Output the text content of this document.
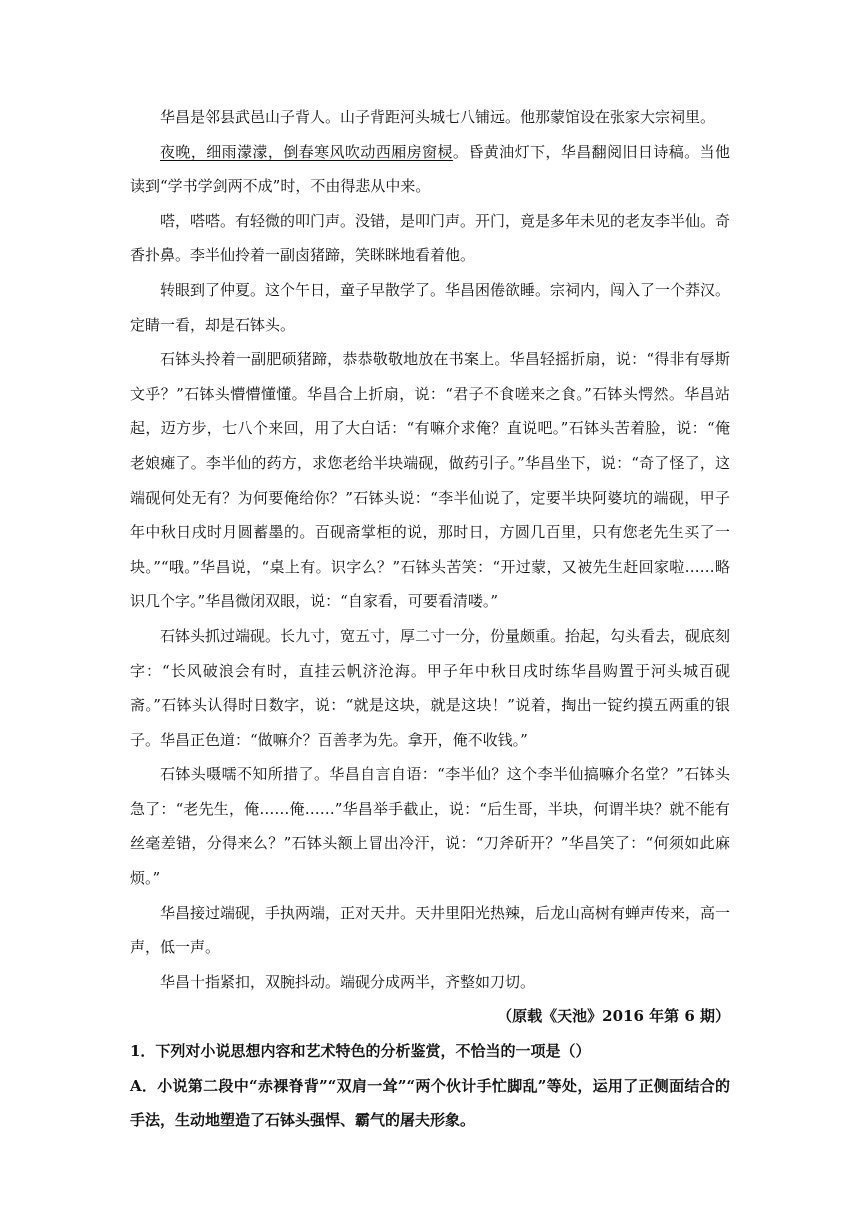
华昌是邻县武邑山子背人。山子背距河头城七八铺远。他那蒙馆设在张家大宗祠里。

夜晚，细雨濛濛，倒春寒风吹动西厢房窗棂。昏黄油灯下，华昌翻阅旧日诗稿。当他读到“学书学剑两不成”时，不由得悲从中来。

嗒，嗒嗒。有轻微的叩门声。没错，是叩门声。开门，竟是多年未见的老友李半仙。奇香扑鼻。李半仙拎着一副卤猪蹄，笑眯眯地看着他。

转眼到了仲夏。这个午日，童子早散学了。华昌困倦欲睡。宗祠内，闯入了一个莽汉。定睛一看，却是石钵头。

石钵头拎着一副肥硕猪蹄，恭恭敬敬地放在书案上。华昌轻摇折扇，说：“得非有辱斯文乎？”石钵头懵懵懂懂。华昌合上折扇，说：“君子不食嗟来之食。”石钵头愕然。华昌站起，迈方步，七八个来回，用了大白话：“有嘛介求俺？直说吧。”石钵头苦着脸，说：“俺老娘瘫了。李半仙的药方，求您老给半块端砚，做药引子。”华昌坐下，说：“奇了怪了，这端砚何处无有？为何要俺给你？”石钵头说：“李半仙说了，定要半块阿婆坑的端砚，甲子年中秋日戌时月圆蓄墨的。百砚斋掌柜的说，那时日，方圆几百里，只有您老先生买了一块。”“哦。”华昌说，“桌上有。识字么？”石钵头苦笑：“开过蒙，又被先生赶回家啦……略识几个字。”华昌微闭双眼，说：“自家看，可要看清喽。”

石钵头抓过端砚。长九寸，宽五寸，厚二寸一分，份量颇重。抬起，勾头看去，砚底刻字：“长风破浪会有时，直挂云帆济沧海。甲子年中秋日戌时练华昌购置于河头城百砚斋。”石钵头认得时日数字，说：“就是这块，就是这块！”说着，掏出一锭约摸五两重的银子。华昌正色道：“做嘛介？百善孝为先。拿开，俺不收钱。”

石钵头嗫嚅不知所措了。华昌自言自语：“李半仙？这个李半仙搞嘛介名堂？”石钵头急了：“老先生，俺……俺……”华昌举手截止，说：“后生哥，半块，何谓半块？就不能有丝毫差错，分得来么？”石钵头额上冒出冷汗，说：“刀斧斫开？”华昌笑了：“何须如此麻烦。”

华昌接过端砚，手执两端，正对天井。天井里阳光热辣，后龙山高树有蝉声传来，高一声，低一声。

华昌十指紧扣，双腕抖动。端砚分成两半，齐整如刀切。

（原载《天池》2016 年第 6 期）

1．下列对小说思想内容和艺术特色的分析鉴赏，不恰当的一项是（）

A．小说第二段中“赤裸脊背”“双肩一耸”“两个伙计手忙脚乱”等处，运用了正侧面结合的手法，生动地塑造了石钵头强悍、霸气的屠夫形象。
